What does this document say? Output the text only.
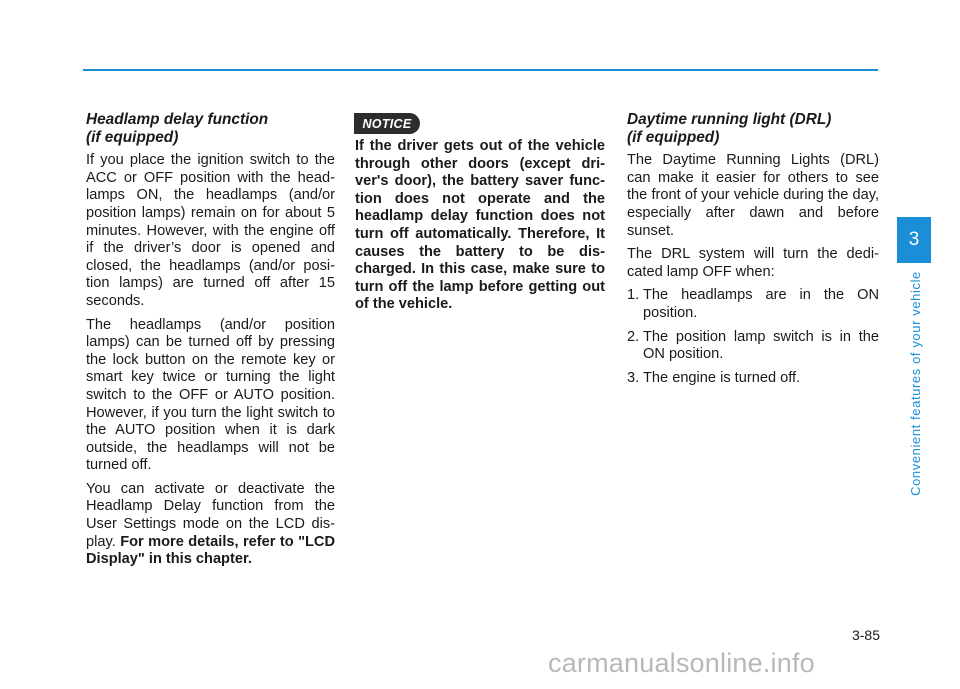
Headlamp delay function
(if equipped)

If you place the ignition switch to the ACC or OFF position with the head-lamps ON, the headlamps (and/or position lamps) remain on for about 5 minutes. However, with the engine off if the driver’s door is opened and closed, the headlamps (and/or posi-tion lamps) are turned off after 15 seconds.

The headlamps (and/or position lamps) can be turned off by pressing the lock button on the remote key or smart key twice or turning the light switch to the OFF or AUTO position. However, if you turn the light switch to the AUTO position when it is dark outside, the headlamps will not be turned off.

You can activate or deactivate the Headlamp Delay function from the User Settings mode on the LCD dis-play. For more details, refer to "LCD Display" in this chapter.

NOTICE
If the driver gets out of the vehicle through other doors (except dri-ver's door), the battery saver func-tion does not operate and the headlamp delay function does not turn off automatically. Therefore, It causes the battery to be dis-charged. In this case, make sure to turn off the lamp before getting out of the vehicle.
Daytime running light (DRL)
(if equipped)

The Daytime Running Lights (DRL) can make it easier for others to see the front of your vehicle during the day, especially after dawn and before sunset.

The DRL system will turn the dedi-cated lamp OFF when:

1. The headlamps are in the ON position.
2. The position lamp switch is in the ON position.
3. The engine is turned off.
3
Convenient features of your vehicle
3-85
carmanualsonline.info
